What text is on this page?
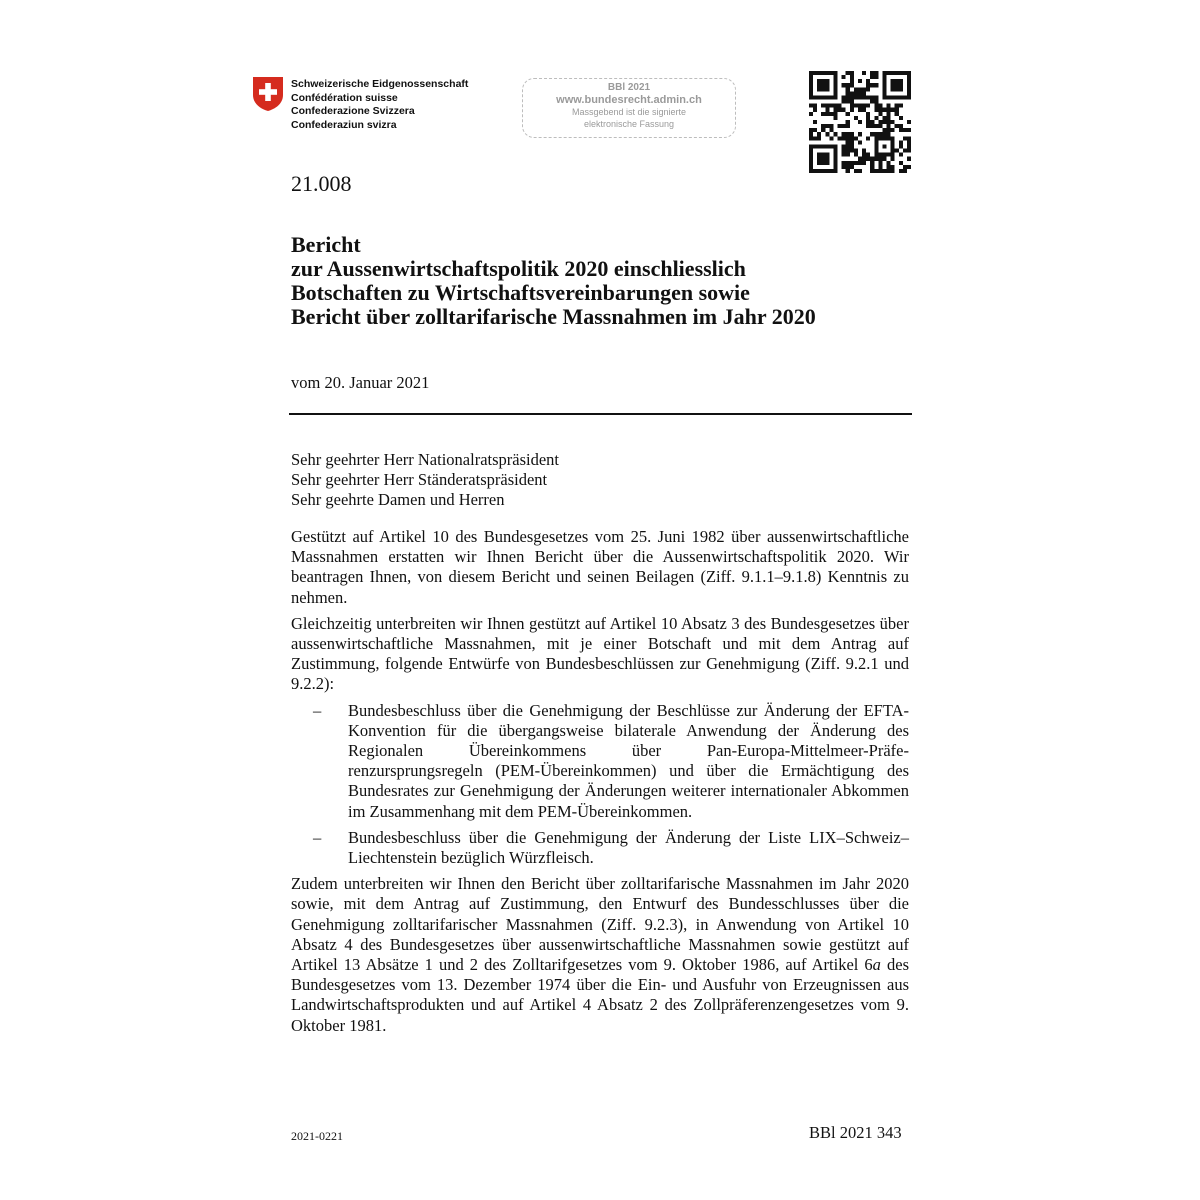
Schweizerische Eidgenossenschaft
Confédération suisse
Confederazione Svizzera
Confederaziun svizra
BBl 2021
www.bundesrecht.admin.ch
Massgebend ist die signierte
elektronische Fassung
21.008
Bericht
zur Aussenwirtschaftspolitik 2020 einschliesslich
Botschaften zu Wirtschaftsvereinbarungen sowie
Bericht über zolltarifarische Massnahmen im Jahr 2020
vom 20. Januar 2021
Sehr geehrter Herr Nationalratspräsident
Sehr geehrter Herr Ständeratspräsident
Sehr geehrte Damen und Herren

Gestützt auf Artikel 10 des Bundesgesetzes vom 25. Juni 1982 über aussenwirtschaftliche Massnahmen erstatten wir Ihnen Bericht über die Aussenwirtschaftspolitik 2020. Wir beantragen Ihnen, von diesem Bericht und seinen Beilagen (Ziff. 9.1.1–9.1.8) Kenntnis zu nehmen.

Gleichzeitig unterbreiten wir Ihnen gestützt auf Artikel 10 Absatz 3 des Bundesgesetzes über aussenwirtschaftliche Massnahmen, mit je einer Botschaft und mit dem Antrag auf Zustimmung, folgende Entwürfe von Bundesbeschlüssen zur Genehmigung (Ziff. 9.2.1 und 9.2.2):

– Bundesbeschluss über die Genehmigung der Beschlüsse zur Änderung der EFTA-Konvention für die übergangsweise bilaterale Anwendung der Änderung des Regionalen Übereinkommens über Pan-Europa-Mittelmeer-Präferenzursprungsregeln (PEM-Übereinkommen) und über die Ermächtigung des Bundesrates zur Genehmigung der Änderungen weiterer internationaler Abkommen im Zusammenhang mit dem PEM-Übereinkommen.
– Bundesbeschluss über die Genehmigung der Änderung der Liste LIX–Schweiz–Liechtenstein bezüglich Würzfleisch.

Zudem unterbreiten wir Ihnen den Bericht über zolltarifarische Massnahmen im Jahr 2020 sowie, mit dem Antrag auf Zustimmung, den Entwurf des Bundesschlusses über die Genehmigung zolltarifarischer Massnahmen (Ziff. 9.2.3), in Anwendung von Artikel 10 Absatz 4 des Bundesgesetzes über aussenwirtschaftliche Massnahmen sowie gestützt auf Artikel 13 Absätze 1 und 2 des Zolltarifgesetzes vom 9. Oktober 1986, auf Artikel 6a des Bundesgesetzes vom 13. Dezember 1974 über die Ein- und Ausfuhr von Erzeugnissen aus Landwirtschaftsprodukten und auf Artikel 4 Absatz 2 des Zollpräferenzengesetzes vom 9. Oktober 1981.

2021-0221	BBl 2021 343
